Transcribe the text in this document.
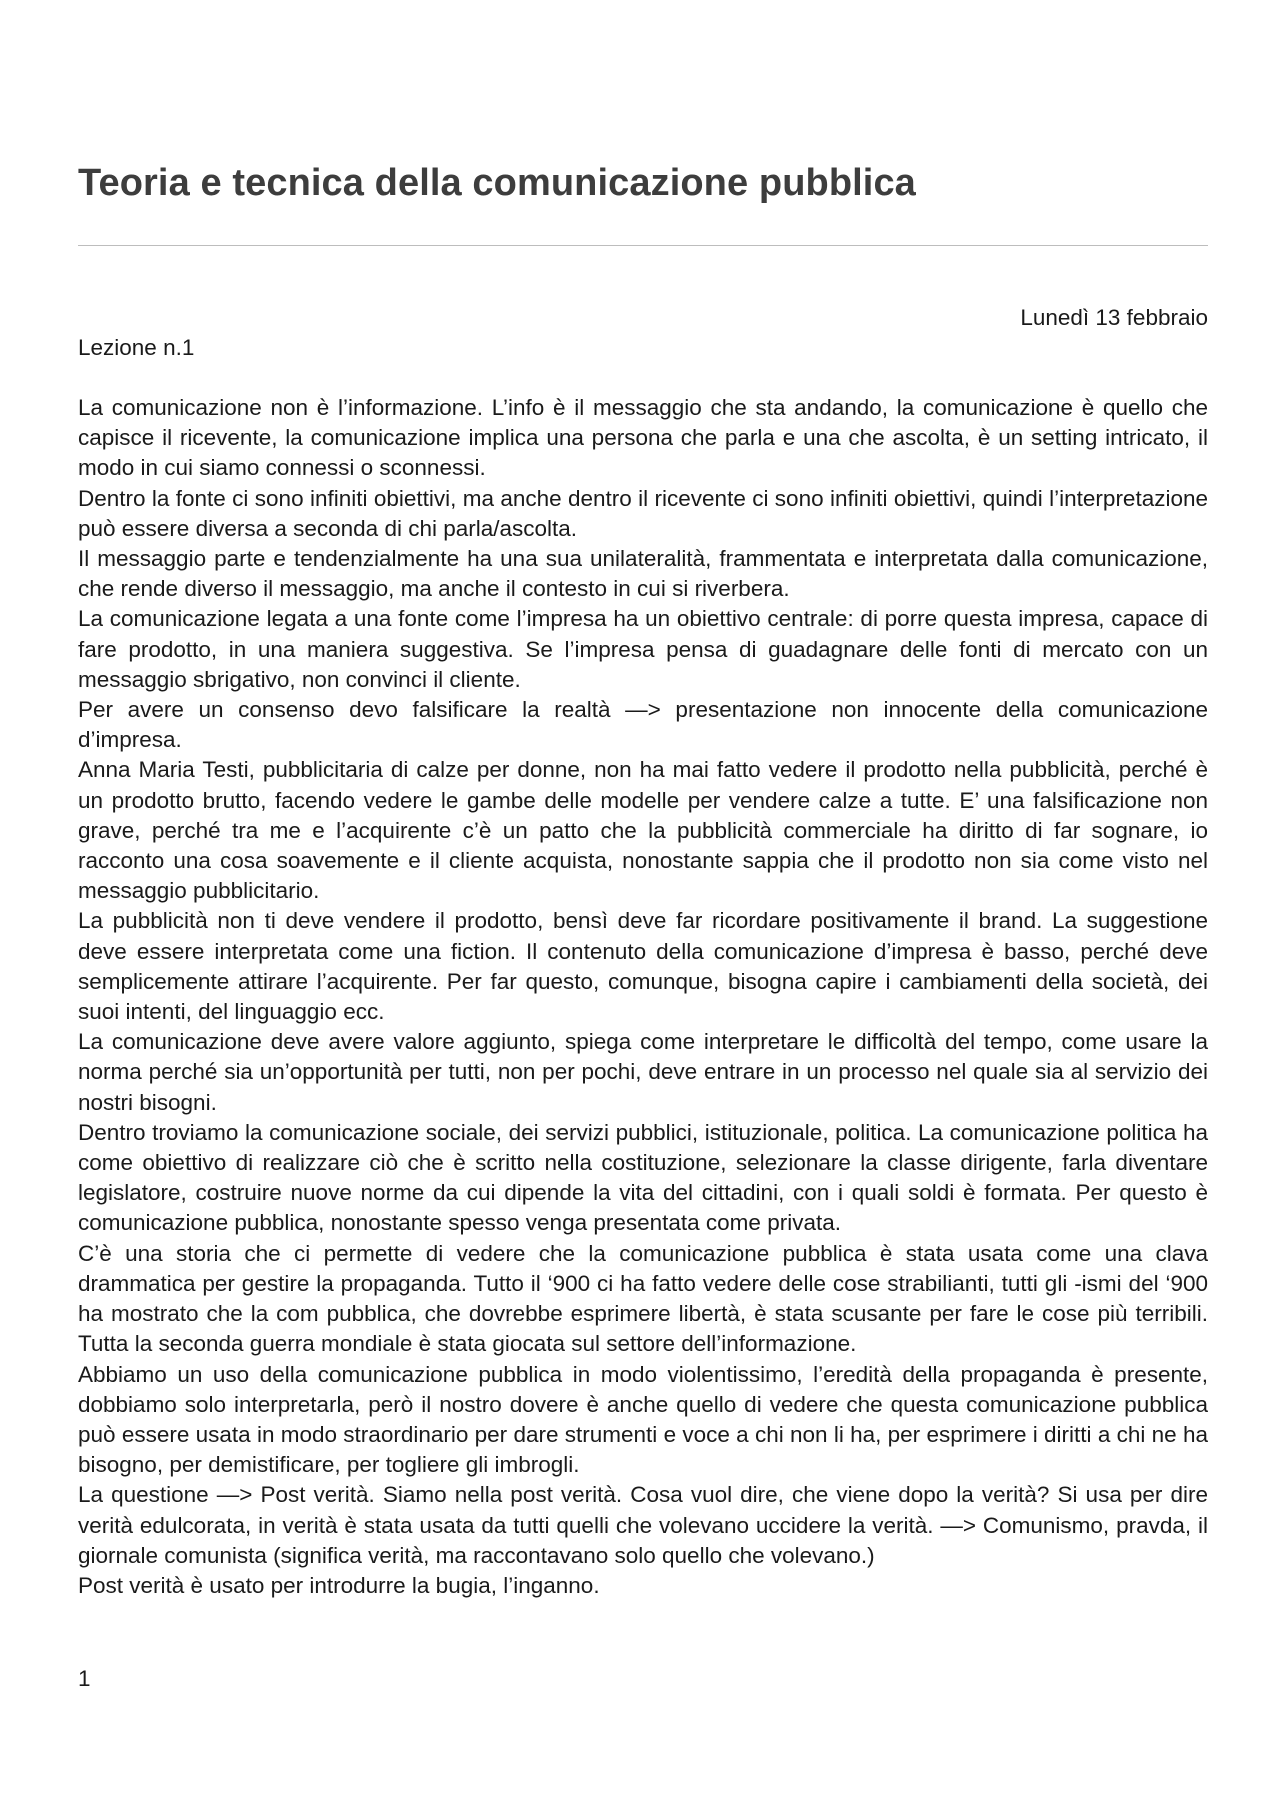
Teoria e tecnica della comunicazione pubblica
Lunedì 13 febbraio
Lezione n.1

La comunicazione non è l’informazione. L’info è il messaggio che sta andando, la comunicazione è quello che capisce il ricevente, la comunicazione implica una persona che parla e una che ascolta, è un setting intricato, il modo in cui siamo connessi o sconnessi.

Dentro la fonte ci sono infiniti obiettivi, ma anche dentro il ricevente ci sono infiniti obiettivi, quindi l’interpretazione può essere diversa a seconda di chi parla/ascolta.

Il messaggio parte e tendenzialmente ha una sua unilateralità, frammentata e interpretata dalla comunicazione, che rende diverso il messaggio, ma anche il contesto in cui si riverbera.

La comunicazione legata a una fonte come l’impresa ha un obiettivo centrale: di porre questa impresa, capace di fare prodotto, in una maniera suggestiva. Se l’impresa pensa di guadagnare delle fonti di mercato con un messaggio sbrigativo, non convinci il cliente.

Per avere un consenso devo falsificare la realtà —> presentazione non innocente della comunicazione d’impresa.

Anna Maria Testi, pubblicitaria di calze per donne, non ha mai fatto vedere il prodotto nella pubblicità, perché è un prodotto brutto, facendo vedere le gambe delle modelle per vendere calze a tutte. E’ una falsificazione non grave, perché tra me e l’acquirente c’è un patto che la pubblicità commerciale ha diritto di far sognare, io racconto una cosa soavemente e il cliente acquista, nonostante sappia che il prodotto non sia come visto nel messaggio pubblicitario.

La pubblicità non ti deve vendere il prodotto, bensì deve far ricordare positivamente il brand. La suggestione deve essere interpretata come una fiction. Il contenuto della comunicazione d’impresa è basso, perché deve semplicemente attirare l’acquirente. Per far questo, comunque, bisogna capire i cambiamenti della società, dei suoi intenti, del linguaggio ecc.

La comunicazione deve avere valore aggiunto, spiega come interpretare le difficoltà del tempo, come usare la norma perché sia un’opportunità per tutti, non per pochi, deve entrare in un processo nel quale sia al servizio dei nostri bisogni.

Dentro troviamo la comunicazione sociale, dei servizi pubblici, istituzionale, politica. La comunicazione politica ha come obiettivo di realizzare ciò che è scritto nella costituzione, selezionare la classe dirigente, farla diventare legislatore, costruire nuove norme da cui dipende la vita del cittadini, con i quali soldi è formata. Per questo è comunicazione pubblica, nonostante spesso venga presentata come privata.

C’è una storia che ci permette di vedere che la comunicazione pubblica è stata usata come una clava drammatica per gestire la propaganda. Tutto il ‘900 ci ha fatto vedere delle cose strabilianti, tutti gli -ismi del ‘900 ha mostrato che la com pubblica, che dovrebbe esprimere libertà, è stata scusante per fare le cose più terribili. Tutta la seconda guerra mondiale è stata giocata sul settore dell’informazione.

Abbiamo un uso della comunicazione pubblica in modo violentissimo, l’eredità della propaganda è presente, dobbiamo solo interpretarla, però il nostro dovere è anche quello di vedere che questa comunicazione pubblica può essere usata in modo straordinario per dare strumenti e voce a chi non li ha, per esprimere i diritti a chi ne ha bisogno, per demistificare, per togliere gli imbrogli.

La questione —> Post verità. Siamo nella post verità. Cosa vuol dire, che viene dopo la verità? Si usa per dire verità edulcorata, in verità è stata usata da tutti quelli che volevano uccidere la verità. —> Comunismo, pravda, il giornale comunista (significa verità, ma raccontavano solo quello che volevano.)

Post verità è usato per introdurre la bugia, l’inganno.

1
